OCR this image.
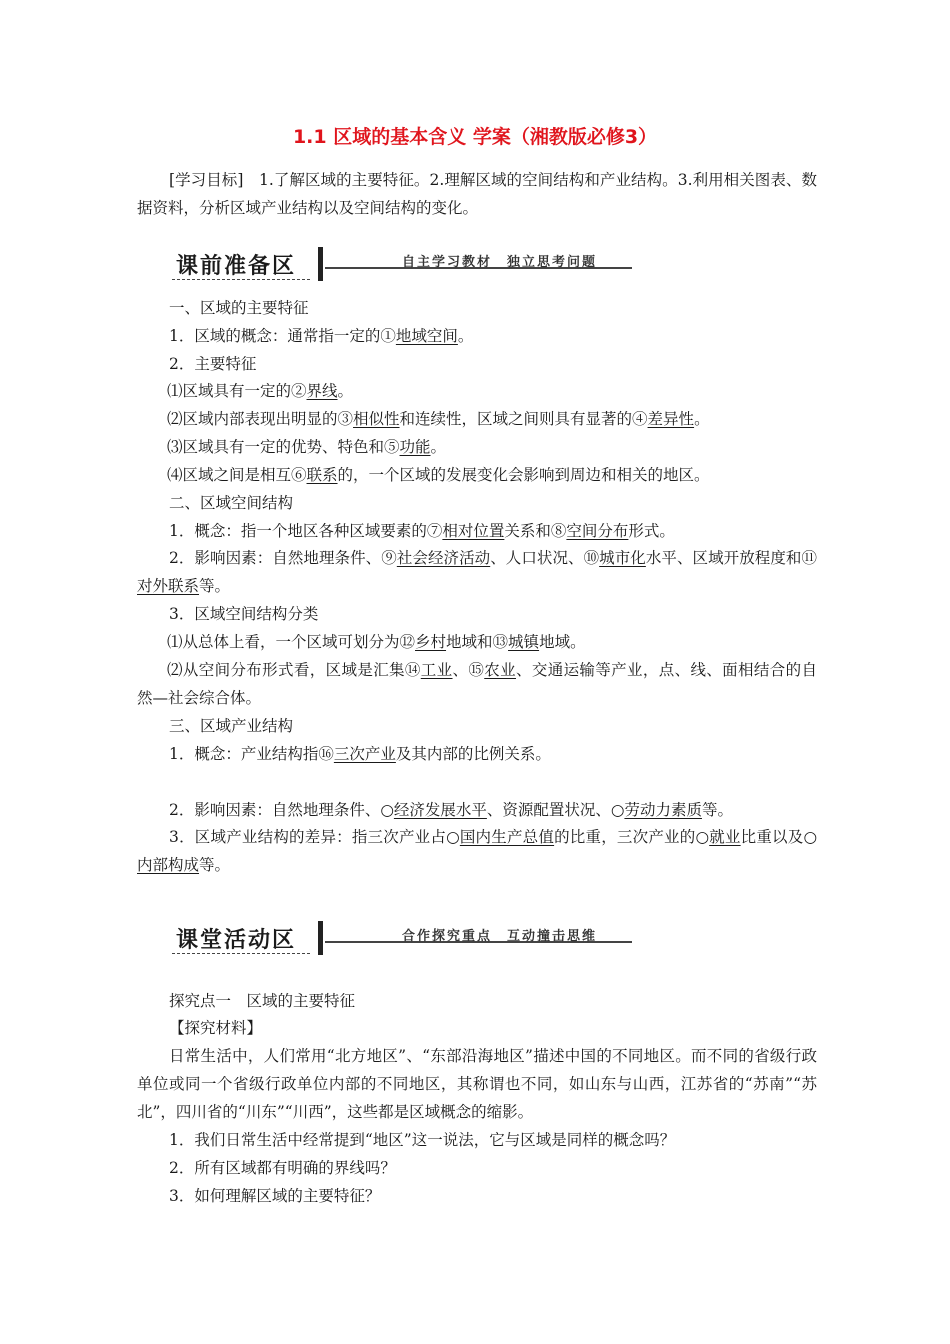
1.1 区域的基本含义 学案（湘教版必修3）
[学习目标]　 1.了解区域的主要特征。2.理解区域的空间结构和产业结构。3.利用相关图表、数据资料，分析区域产业结构以及空间结构的变化。
课前准备区	自主学习教材　独立思考问题
一、区域的主要特征
1．区域的概念：通常指一定的①地域空间。
2．主要特征
⑴区域具有一定的②界线。
⑵区域内部表现出明显的③相似性和连续性，区域之间则具有显著的④差异性。
⑶区域具有一定的优势、特色和⑤功能。
⑷区域之间是相互⑥联系的，一个区域的发展变化会影响到周边和相关的地区。
二、区域空间结构
1．概念：指一个地区各种区域要素的⑦相对位置关系和⑧空间分布形式。
2．影响因素：自然地理条件、⑨社会经济活动、人口状况、⑩城市化水平、区域开放程度和⑪对外联系等。
3．区域空间结构分类
⑴从总体上看，一个区域可划分为⑫乡村地域和⑬城镇地域。
⑵从空间分布形式看，区域是汇集⑭工业、⑮农业、交通运输等产业，点、线、面相结合的自然—社会综合体。
三、区域产业结构
1．概念：产业结构指⑯三次产业及其内部的比例关系。
2．影响因素：自然地理条件、○经济发展水平、资源配置状况、○劳动力素质等。
3．区域产业结构的差异：指三次产业占○国内生产总值的比重，三次产业的○就业比重以及○内部构成等。
课堂活动区	合作探究重点　互动撞击思维
探究点一　区域的主要特征
【探究材料】
日常生活中，人们常用“北方地区”、“东部沿海地区”描述中国的不同地区。而不同的省级行政单位或同一个省级行政单位内部的不同地区，其称谓也不同，如山东与山西，江苏省的“苏南”“苏北”，四川省的“川东”“川西”，这些都是区域概念的缩影。
1．我们日常生活中经常提到“地区”这一说法，它与区域是同样的概念吗？
2．所有区域都有明确的界线吗？
3．如何理解区域的主要特征？
